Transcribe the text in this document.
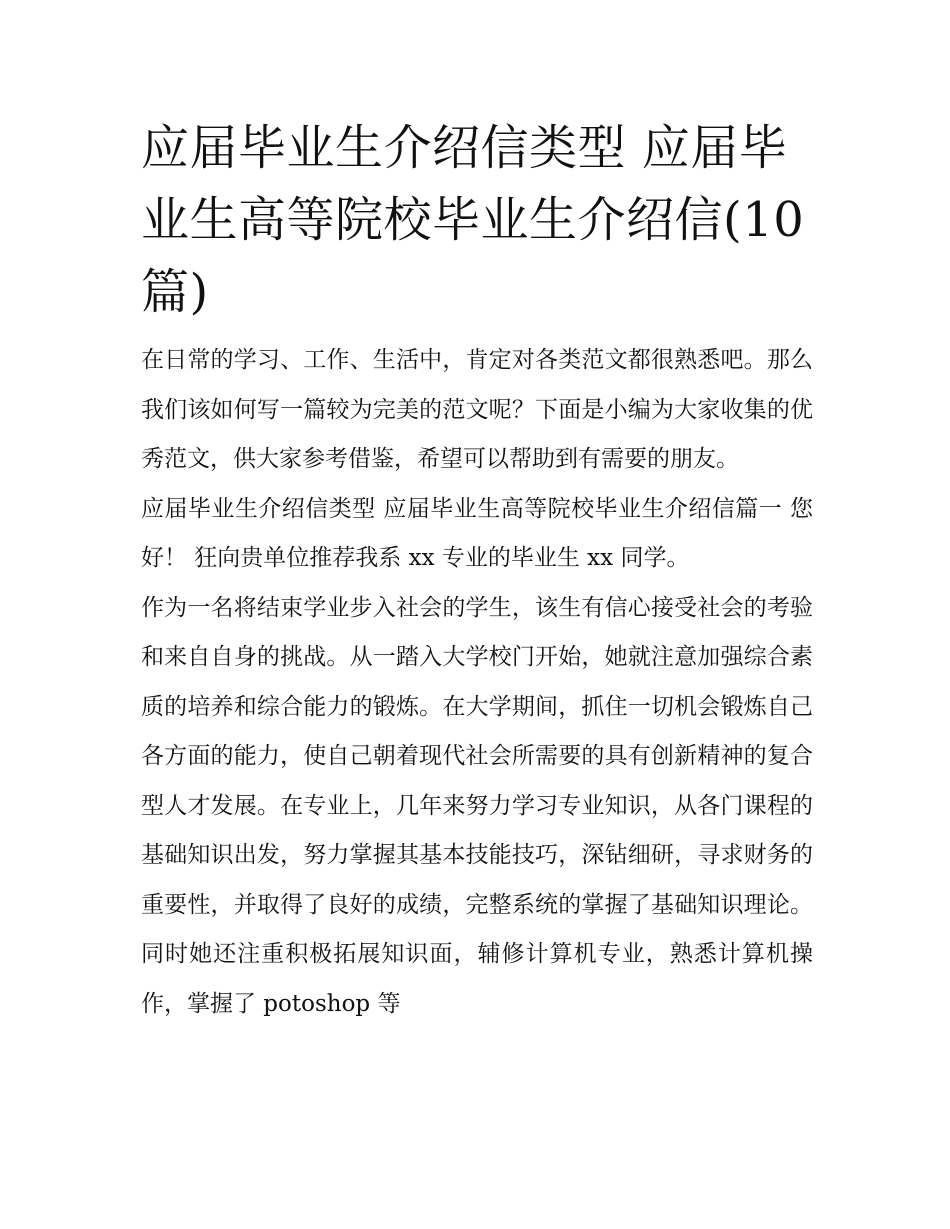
应届毕业生介绍信类型 应届毕业生高等院校毕业生介绍信(10篇)

在日常的学习、工作、生活中，肯定对各类范文都很熟悉吧。那么我们该如何写一篇较为完美的范文呢？下面是小编为大家收集的优秀范文，供大家参考借鉴，希望可以帮助到有需要的朋友。

应届毕业生介绍信类型 应届毕业生高等院校毕业生介绍信篇一 您好！ 狂向贵单位推荐我系 xx 专业的毕业生 xx 同学。

作为一名将结束学业步入社会的学生，该生有信心接受社会的考验和来自自身的挑战。从一踏入大学校门开始，她就注意加强综合素质的培养和综合能力的锻炼。在大学期间，抓住一切机会锻炼自己各方面的能力，使自己朝着现代社会所需要的具有创新精神的复合型人才发展。在专业上，几年来努力学习专业知识，从各门课程的基础知识出发，努力掌握其基本技能技巧，深钻细研，寻求财务的重要性，并取得了良好的成绩，完整系统的掌握了基础知识理论。同时她还注重积极拓展知识面，辅修计算机专业，熟悉计算机操作，掌握了 potoshop 等
